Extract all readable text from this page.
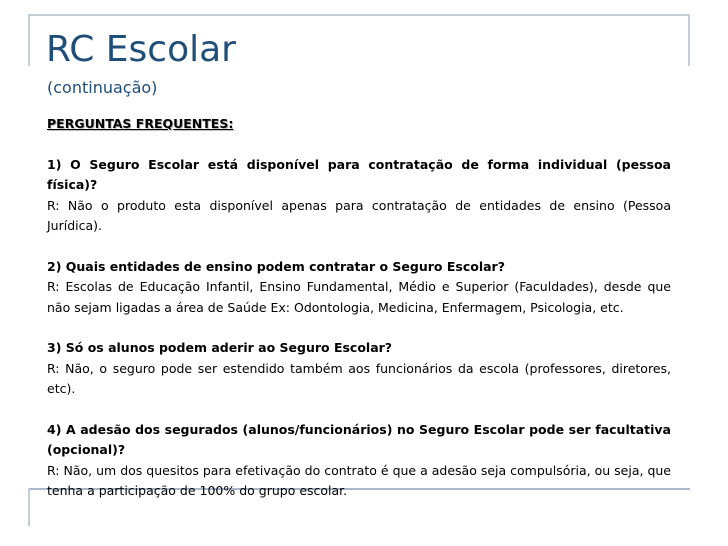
RC Escolar
(continuação)
PERGUNTAS FREQUENTES:
1) O Seguro Escolar está disponível para contratação de forma individual (pessoa física)?
R: Não o produto esta disponível apenas para contratação de entidades de ensino (Pessoa Jurídica).
2) Quais entidades de ensino podem contratar o Seguro Escolar?
R: Escolas de Educação Infantil, Ensino Fundamental, Médio e Superior (Faculdades), desde que não sejam ligadas a área de Saúde Ex: Odontologia, Medicina, Enfermagem, Psicologia, etc.
3) Só os alunos podem aderir ao Seguro Escolar?
R: Não, o seguro pode ser estendido também aos funcionários da escola (professores, diretores, etc).
4) A adesão dos segurados (alunos/funcionários) no Seguro Escolar pode ser facultativa (opcional)?
R: Não, um dos quesitos para efetivação do contrato é que a adesão seja compulsória, ou seja, que tenha a participação de 100% do grupo escolar.
